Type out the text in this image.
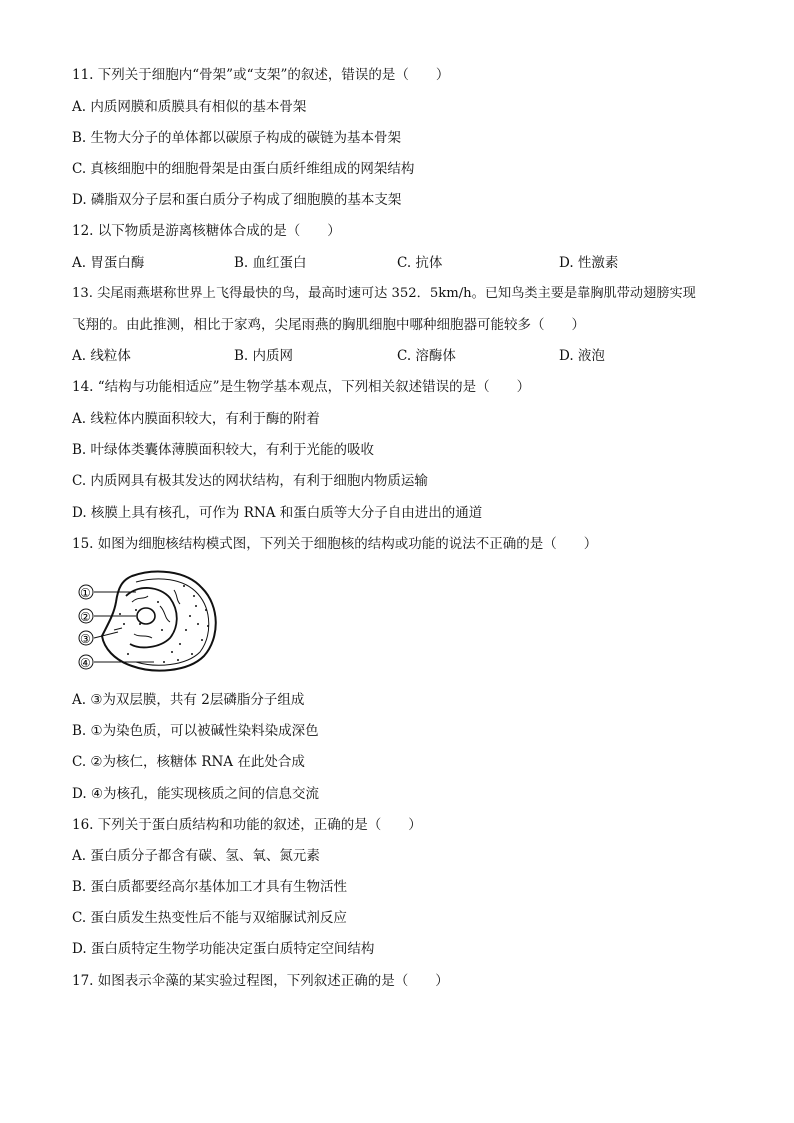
11. 下列关于细胞内“骨架”或“支架”的叙述，错误的是（　　）
A. 内质网膜和质膜具有相似的基本骨架
B. 生物大分子的单体都以碳原子构成的碳链为基本骨架
C. 真核细胞中的细胞骨架是由蛋白质纤维组成的网架结构
D. 磷脂双分子层和蛋白质分子构成了细胞膜的基本支架
12. 以下物质是游离核糖体合成的是（　　）
A. 胃蛋白酶	B. 血红蛋白	C. 抗体	D. 性激素
13. 尖尾雨燕堪称世界上飞得最快的鸟，最高时速可达 352．5km/h。已知鸟类主要是靠胸肌带动翅膀实现
飞翔的。由此推测，相比于家鸡，尖尾雨燕的胸肌细胞中哪种细胞器可能较多（　　）
A. 线粒体	B. 内质网	C. 溶酶体	D. 液泡
14. “结构与功能相适应”是生物学基本观点，下列相关叙述错误的是（　　）
A. 线粒体内膜面积较大，有利于酶的附着
B. 叶绿体类囊体薄膜面积较大，有利于光能的吸收
C. 内质网具有极其发达的网状结构，有利于细胞内物质运输
D. 核膜上具有核孔，可作为 RNA 和蛋白质等大分子自由进出的通道
15. 如图为细胞核结构模式图，下列关于细胞核的结构或功能的说法不正确的是（　　）
①
②
③
④
A. ③为双层膜，共有 2层磷脂分子组成
B. ①为染色质，可以被碱性染料染成深色
C. ②为核仁，核糖体 RNA 在此处合成
D. ④为核孔，能实现核质之间的信息交流
16. 下列关于蛋白质结构和功能的叙述，正确的是（　　）
A. 蛋白质分子都含有碳、氢、氧、氮元素
B. 蛋白质都要经高尔基体加工才具有生物活性
C. 蛋白质发生热变性后不能与双缩脲试剂反应
D. 蛋白质特定生物学功能决定蛋白质特定空间结构
17. 如图表示伞藻的某实验过程图，下列叙述正确的是（　　）
